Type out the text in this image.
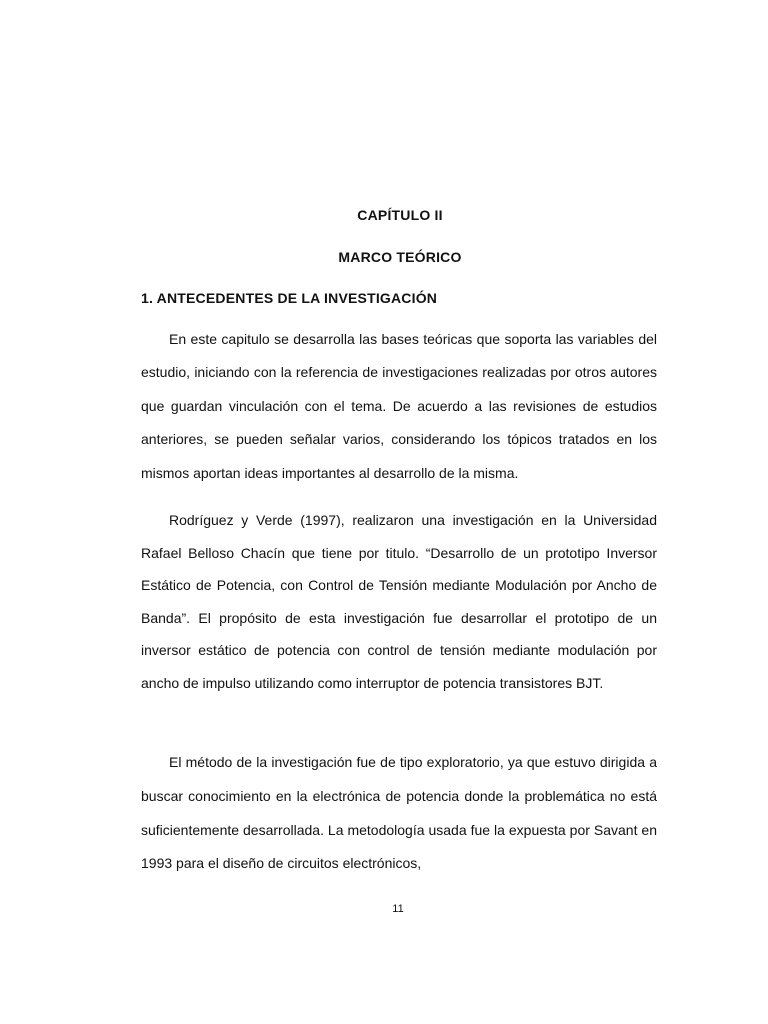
CAPÍTULO II
MARCO TEÓRICO
1. ANTECEDENTES DE LA INVESTIGACIÓN

En este capitulo se desarrolla las bases teóricas que soporta las variables del estudio, iniciando con la referencia de investigaciones realizadas por otros autores que guardan vinculación con el tema. De acuerdo a las revisiones de estudios anteriores, se pueden señalar varios, considerando los tópicos tratados en los mismos aportan ideas importantes al desarrollo de la misma.

Rodríguez y Verde (1997), realizaron una investigación en la Universidad Rafael Belloso Chacín que tiene por titulo. “Desarrollo de un prototipo Inversor Estático de Potencia, con Control de Tensión mediante Modulación por Ancho de Banda”. El propósito de esta investigación fue desarrollar el prototipo de un inversor estático de potencia con control de tensión mediante modulación por ancho de impulso utilizando como interruptor de potencia transistores BJT.

El método de la investigación fue de tipo exploratorio, ya que estuvo dirigida a buscar conocimiento en la electrónica de potencia donde la problemática no está suficientemente desarrollada. La metodología usada fue la expuesta por Savant en 1993 para el diseño de circuitos electrónicos,

11
